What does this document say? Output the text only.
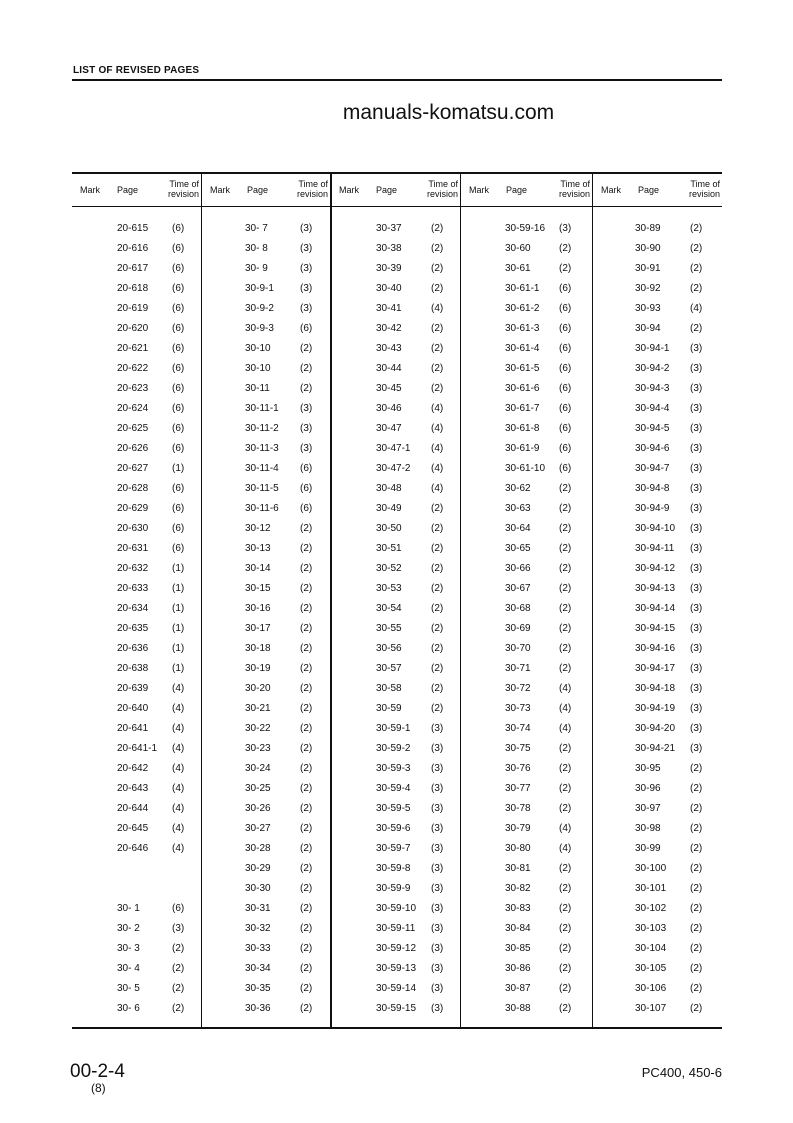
LIST OF REVISED PAGES
manuals-komatsu.com
Mark Page
Time of
revision
20-615 (6)
20-616 (6)
20-617 (6)
20-618 (6)
20-619 (6)
20-620 (6)
20-621 (6)
20-622 (6)
20-623 (6)
20-624 (6)
20-625 (6)
20-626 (6)
20-627 (1)
20-628 (6)
20-629 (6)
20-630 (6)
20-631 (6)
20-632 (1)
20-633 (1)
20-634 (1)
20-635 (1)
20-636 (1)
20-638 (1)
20-639 (4)
20-640 (4)
20-641 (4)
20-641-1 (4)
20-642 (4)
20-643 (4)
20-644 (4)
20-645 (4)
20-646 (4)
30- 1	(6)
30- 2	(3)
30- 3	(2)
30- 4	(2)
30- 5	(2)
30- 6	(2)
Mark Page
Time of
revision
30- 7	(3)
30- 8	(3)
30- 9	(3)
30-9-1	(3)
30-9-2	(3)
30-9-3	(6)
30-10	(2)
30-10	(2)
30-11	(2)
30-11-1 (3)
30-11-2 (3)
30-11-3 (3)
30-11-4 (6)
30-11-5 (6)
30-11-6 (6)
30-12	(2)
30-13	(2)
30-14	(2)
30-15	(2)
30-16	(2)
30-17	(2)
30-18	(2)
30-19	(2)
30-20	(2)
30-21	(2)
30-22	(2)
30-23	(2)
30-24	(2)
30-25	(2)
30-26	(2)
30-27	(2)
30-28	(2)
30-29	(2)
30-30	(2)
30-31	(2)
30-32	(2)
30-33	(2)
30-34	(2)
30-35	(2)
30-36	(2)
Mark Page
Time of
revision
30-37	(2)
30-38	(2)
30-39	(2)
30-40	(2)
30-41	(4)
30-42	(2)
30-43	(2)
30-44	(2)
30-45	(2)
30-46	(4)
30-47	(4)
30-47-1 (4)
30-47-2 (4)
30-48	(4)
30-49	(2)
30-50	(2)
30-51	(2)
30-52	(2)
30-53	(2)
30-54	(2)
30-55	(2)
30-56	(2)
30-57	(2)
30-58	(2)
30-59	(2)
30-59-1 (3)
30-59-2 (3)
30-59-3 (3)
30-59-4 (3)
30-59-5 (3)
30-59-6 (3)
30-59-7 (3)
30-59-8 (3)
30-59-9 (3)
30-59-10 (3)
30-59-11 (3)
30-59-12 (3)
30-59-13 (3)
30-59-14 (3)
30-59-15 (3)
Mark Page
Time of
revision
30-59-16 (3)
30-60	(2)
30-61	(2)
30-61-1 (6)
30-61-2 (6)
30-61-3 (6)
30-61-4 (6)
30-61-5 (6)
30-61-6 (6)
30-61-7 (6)
30-61-8 (6)
30-61-9 (6)
30-61-10 (6)
30-62	(2)
30-63	(2)
30-64	(2)
30-65	(2)
30-66	(2)
30-67	(2)
30-68	(2)
30-69	(2)
30-70	(2)
30-71	(2)
30-72	(4)
30-73	(4)
30-74	(4)
30-75	(2)
30-76	(2)
30-77	(2)
30-78	(2)
30-79	(4)
30-80	(4)
30-81	(2)
30-82	(2)
30-83	(2)
30-84	(2)
30-85	(2)
30-86	(2)
30-87	(2)
30-88	(2)
Mark Page
Time of
revision
30-89	(2)
30-90	(2)
30-91	(2)
30-92	(2)
30-93	(4)
30-94	(2)
30-94-1 (3)
30-94-2 (3)
30-94-3 (3)
30-94-4 (3)
30-94-5 (3)
30-94-6 (3)
30-94-7 (3)
30-94-8 (3)
30-94-9 (3)
30-94-10 (3)
30-94-11 (3)
30-94-12 (3)
30-94-13 (3)
30-94-14 (3)
30-94-15 (3)
30-94-16 (3)
30-94-17 (3)
30-94-18 (3)
30-94-19 (3)
30-94-20 (3)
30-94-21 (3)
30-95	(2)
30-96	(2)
30-97	(2)
30-98	(2)
30-99	(2)
30-100 (2)
30-101 (2)
30-102 (2)
30-103 (2)
30-104 (2)
30-105 (2)
30-106 (2)
30-107 (2)
00-2-4
(8)
PC400, 450-6
